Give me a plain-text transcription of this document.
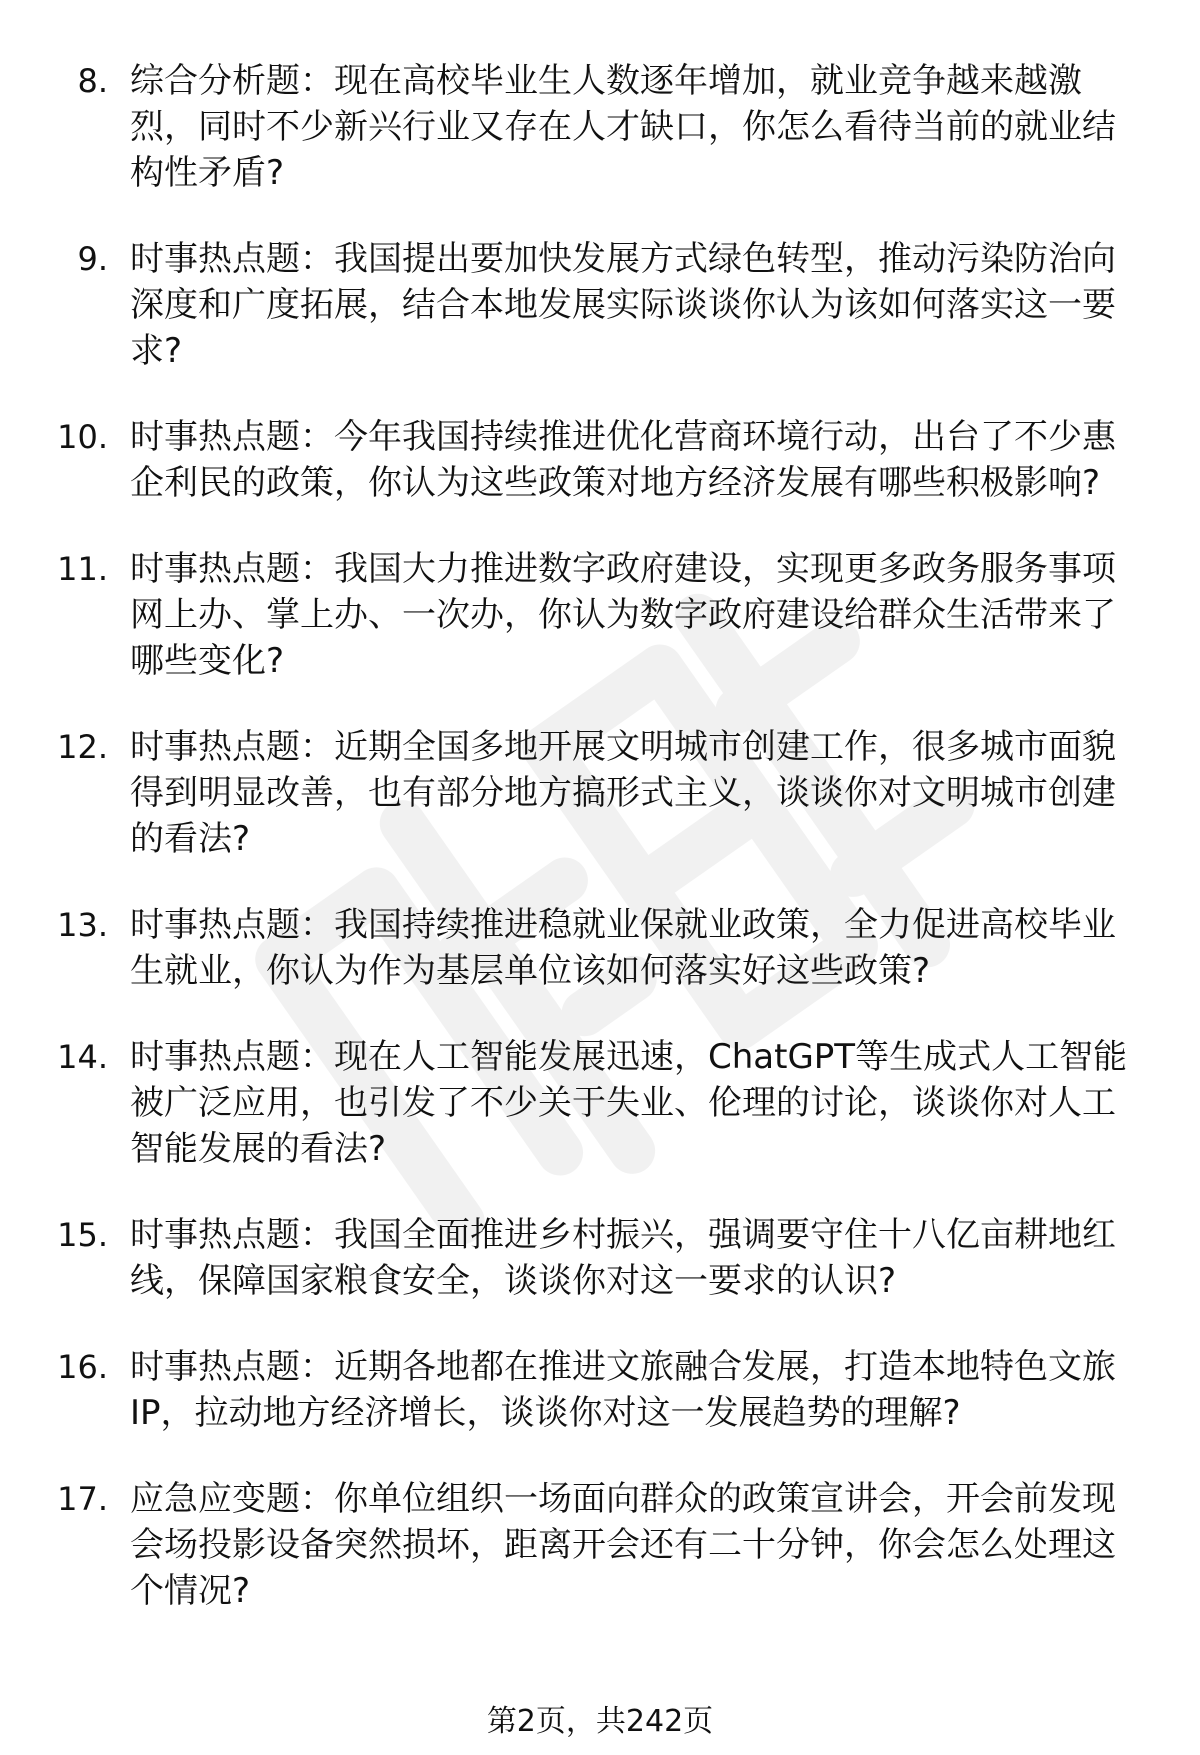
8. 综合分析题：现在高校毕业生人数逐年增加，就业竞争越来越激烈，同时不少新兴行业又存在人才缺口，你怎么看待当前的就业结构性矛盾?
9. 时事热点题：我国提出要加快发展方式绿色转型，推动污染防治向深度和广度拓展，结合本地发展实际谈谈你认为该如何落实这一要求?
10. 时事热点题：今年我国持续推进优化营商环境行动，出台了不少惠企利民的政策，你认为这些政策对地方经济发展有哪些积极影响?
11. 时事热点题：我国大力推进数字政府建设，实现更多政务服务事项网上办、掌上办、一次办，你认为数字政府建设给群众生活带来了哪些变化?
12. 时事热点题：近期全国多地开展文明城市创建工作，很多城市面貌得到明显改善，也有部分地方搞形式主义，谈谈你对文明城市创建的看法?
13. 时事热点题：我国持续推进稳就业保就业政策，全力促进高校毕业生就业，你认为作为基层单位该如何落实好这些政策?
14. 时事热点题：现在人工智能发展迅速，ChatGPT等生成式人工智能被广泛应用，也引发了不少关于失业、伦理的讨论，谈谈你对人工智能发展的看法?
15. 时事热点题：我国全面推进乡村振兴，强调要守住十八亿亩耕地红线，保障国家粮食安全，谈谈你对这一要求的认识?
16. 时事热点题：近期各地都在推进文旅融合发展，打造本地特色文旅IP，拉动地方经济增长，谈谈你对这一发展趋势的理解?
17. 应急应变题：你单位组织一场面向群众的政策宣讲会，开会前发现会场投影设备突然损坏，距离开会还有二十分钟，你会怎么处理这个情况?
第2页，共242页
